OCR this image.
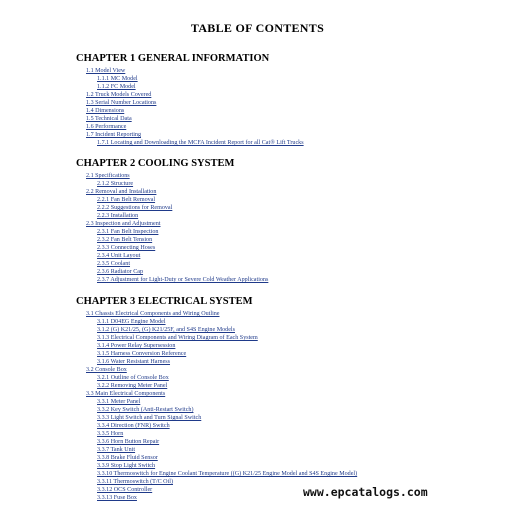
TABLE OF CONTENTS
CHAPTER 1 GENERAL INFORMATION
CHAPTER 2 COOLING SYSTEM
CHAPTER 3 ELECTRICAL SYSTEM
1.1 Model View
1.1.1 MC Model
1.1.2 FC Model
1.2 Truck Models Covered
1.3 Serial Number Locations
1.4 Dimensions
1.5 Technical Data
1.6 Performance
1.7 Incident Reporting
1.7.1 Locating and Downloading the MCFA Incident Report for all Cat® Lift Trucks
2.1 Specifications
2.1.2 Structure
2.2 Removal and Installation
2.2.1 Fan Belt Removal
2.2.2 Suggestions for Removal
2.2.3 Installation
2.3 Inspection and Adjustment
2.3.1 Fan Belt Inspection
2.3.2 Fan Belt Tension
2.3.3 Connecting Hoses
2.3.4 Unit Layout
2.3.5 Coolant
2.3.6 Radiator Cap
2.3.7 Adjustment for Light-Duty or Severe Cold Weather Applications
3.1 Chassis Electrical Components and Wiring Outline
3.1.1 D04EG Engine Model
3.1.2 (G) K21/25, (G) K21/25F, and S4S Engine Models
3.1.3 Electrical Components and Wiring Diagram of Each System
3.1.4 Power Relay Supersession
3.1.5 Harness Conversion Reference
3.1.6 Water Resistant Harness
3.2 Console Box
3.2.1 Outline of Console Box
3.2.2 Removing Meter Panel
3.3 Main Electrical Components
3.3.1 Meter Panel
3.3.2 Key Switch (Anti-Restart Switch)
3.3.3 Light Switch and Turn Signal Switch
3.3.4 Direction (FNR) Switch
3.3.5 Horn
3.3.6 Horn Button Repair
3.3.7 Tank Unit
3.3.8 Brake Fluid Sensor
3.3.9 Stop Light Switch
3.3.10 Thermoswitch for Engine Coolant Temperature ((G) K21/25 Engine Model and S4S Engine Model)
3.3.11 Thermoswitch (T/C Oil)
3.3.12 OCS Controller
3.3.13 Fuse Box	www.epcatalogs.com
